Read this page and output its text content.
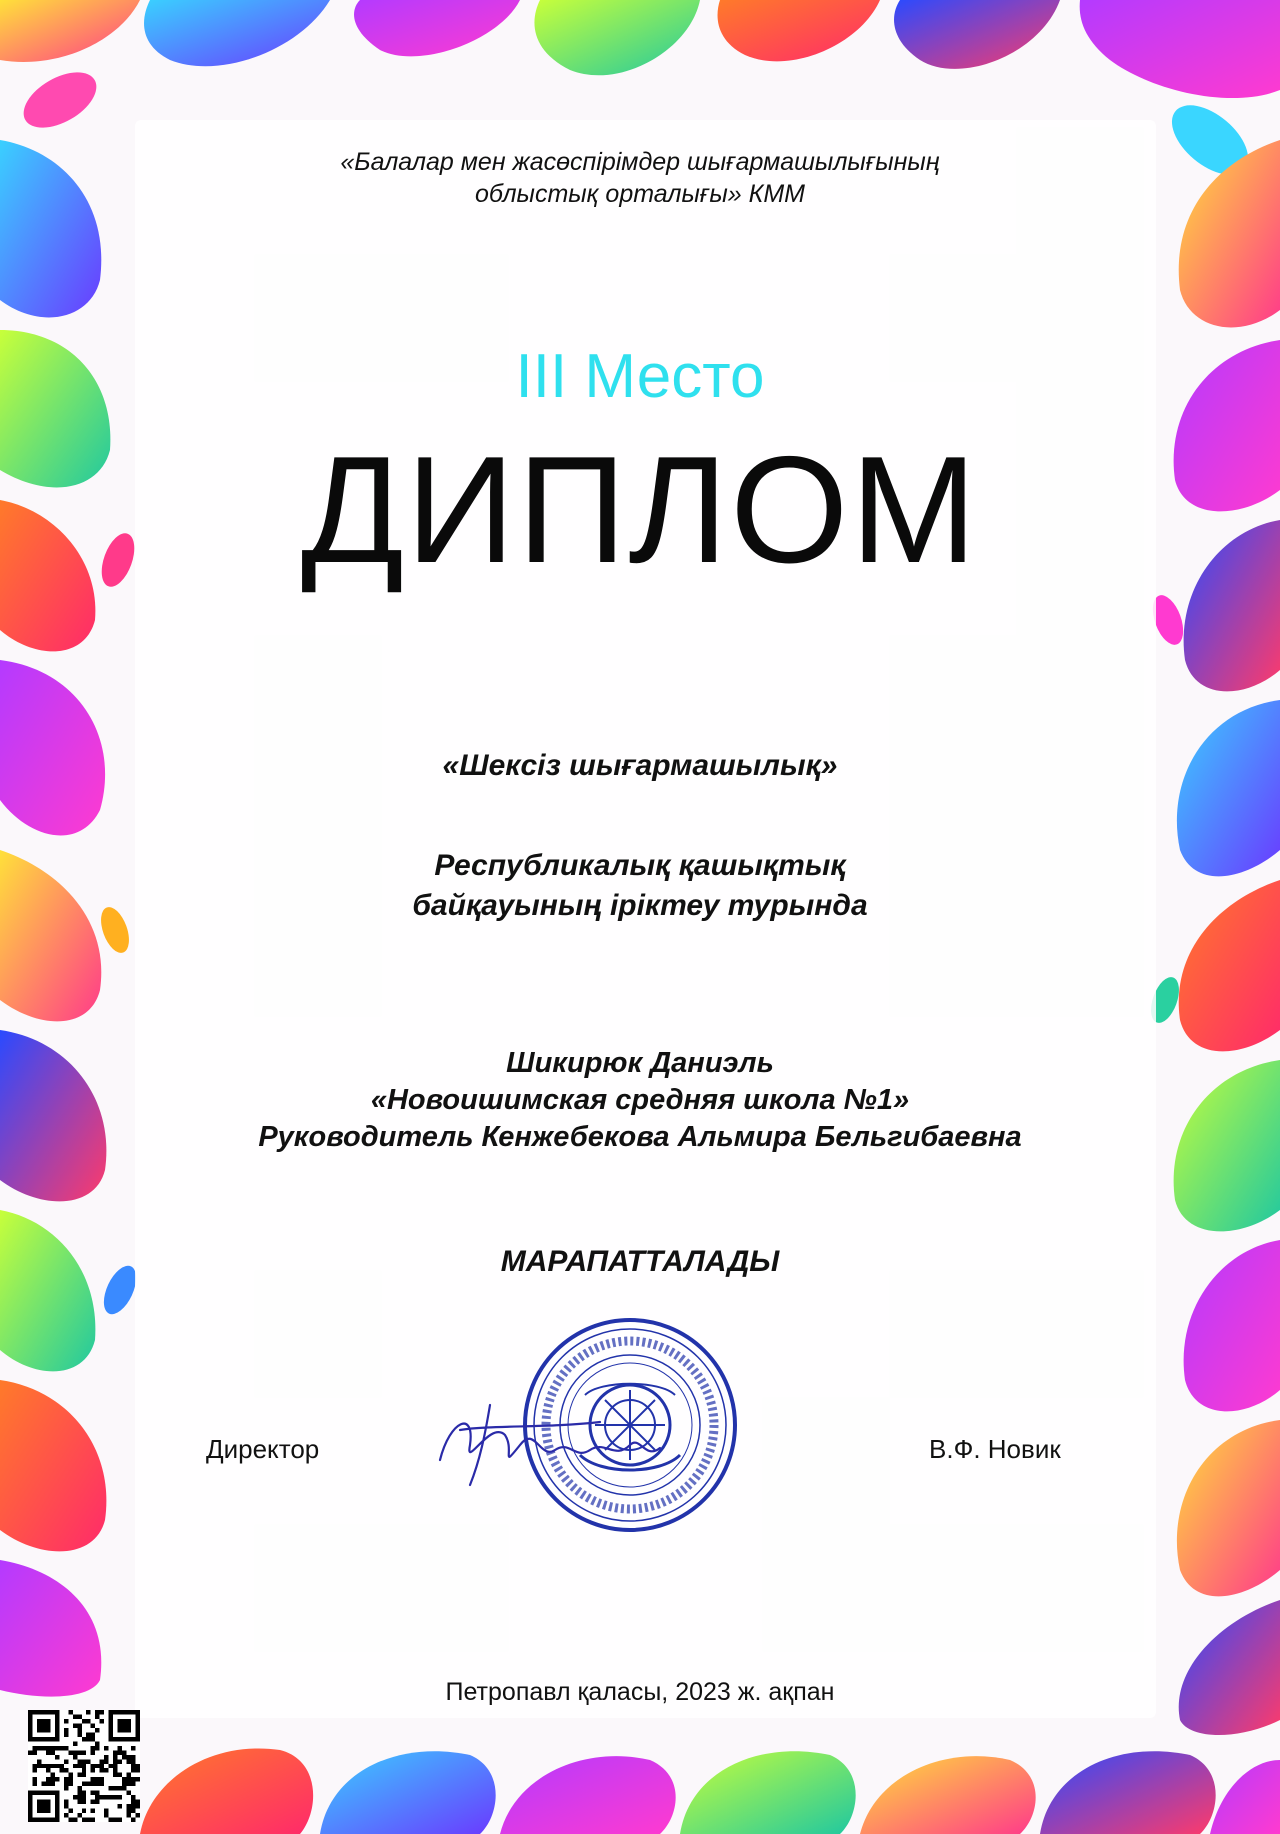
«Балалар мен жасөспірімдер шығармашылығының
облыстық орталығы» КММ
III Место
ДИПЛОМ
«Шексіз шығармашылық»
Республикалық қашықтық
байқауының іріктеу турында
Шикирюк Даниэль
«Новоишимская средняя школа №1»
Руководитель Кенжебекова Альмира Бельгибаевна
МАРАПАТТАЛАДЫ
Директор	В.Ф. Новик
Петропавл қаласы, 2023 ж. ақпан
